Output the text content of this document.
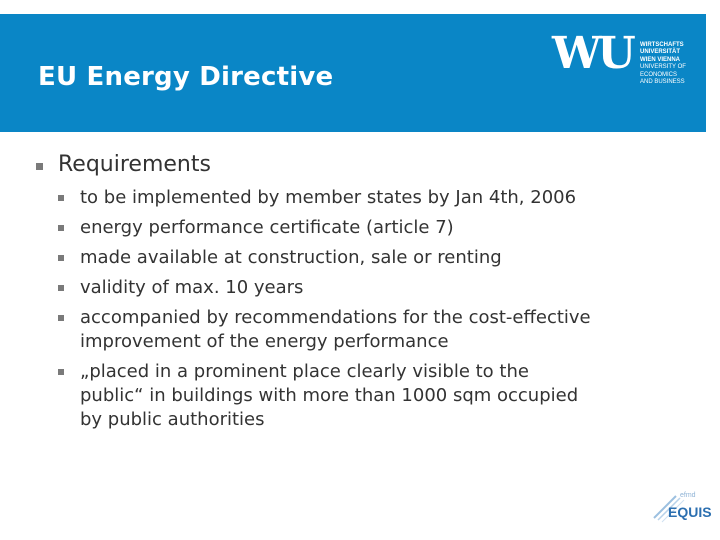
EU Energy Directive	WU WIRTSCHAFTS
UNIVERSITÄT
WIEN VIENNA
UNIVERSITY OF
ECONOMICS
AND BUSINESS
Requirements
to be implemented by member states by Jan 4th, 2006
energy performance certificate (article 7)
made available at construction, sale or renting
validity of max. 10 years
accompanied by recommendations for the cost-effective
improvement of the energy performance
„placed in a prominent place clearly visible to the
public“ in buildings with more than 1000 sqm occupied
by public authorities
efmd
EQUIS
